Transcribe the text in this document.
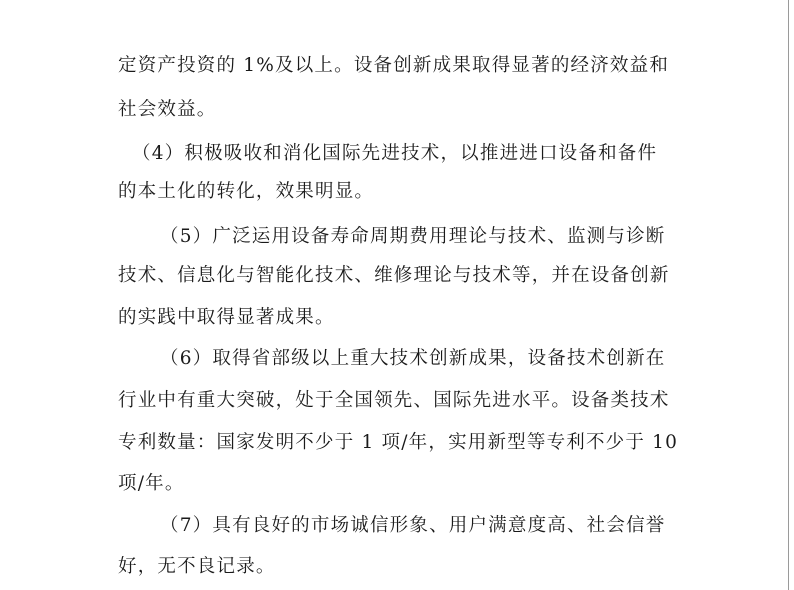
定资产投资的 1%及以上。设备创新成果取得显著的经济效益和
社会效益。
（4）积极吸收和消化国际先进技术，以推进进口设备和备件
的本土化的转化，效果明显。
（5）广泛运用设备寿命周期费用理论与技术、监测与诊断
技术、信息化与智能化技术、维修理论与技术等，并在设备创新
的实践中取得显著成果。
（6）取得省部级以上重大技术创新成果，设备技术创新在
行业中有重大突破，处于全国领先、国际先进水平。设备类技术
专利数量：国家发明不少于 1 项/年，实用新型等专利不少于 10
项/年。
（7）具有良好的市场诚信形象、用户满意度高、社会信誉
好，无不良记录。
